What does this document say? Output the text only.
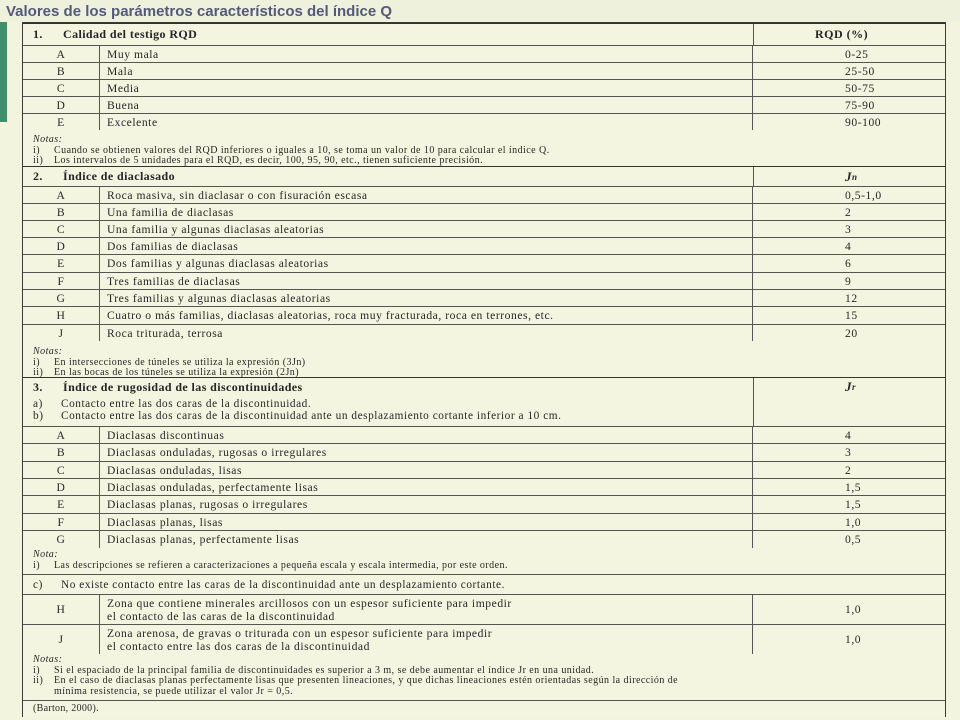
Valores de los parámetros característicos del índice Q
1.	Calidad del testigo RQD	RQD (%)
A	Muy mala	0-25
B	Mala	25-50
C	Media	50-75
D	Buena	75-90
E	Excelente	90-100
Notas:
i) Cuando se obtienen valores del RQD inferiores o iguales a 10, se toma un valor de 10 para calcular el índice Q.
ii) Los intervalos de 5 unidades para el RQD, es decir, 100, 95, 90, etc., tienen suficiente precisión.
2.	Índice de diaclasado	J n
A	Roca masiva, sin diaclasar o con fisuración escasa	0,5-1,0
B	Una familia de diaclasas	2
C	Una familia y algunas diaclasas aleatorias	3
D	Dos familias de diaclasas	4
E	Dos familias y algunas diaclasas aleatorias	6
F	Tres familias de diaclasas	9
G	Tres familias y algunas diaclasas aleatorias	12
H	Cuatro o más familias, diaclasas aleatorias, roca muy fracturada, roca en terrones, etc.	15
J	Roca triturada, terrosa	20
Notas:
i) En intersecciones de túneles se utiliza la expresión (3Jn)
ii) En las bocas de los túneles se utiliza la expresión (2Jn)
3.	Índice de rugosidad de las discontinuidades	J r
a) Contacto entre las dos caras de la discontinuidad.
b) Contacto entre las dos caras de la discontinuidad ante un desplazamiento cortante inferior a 10 cm.
A	Diaclasas discontinuas	4
B	Diaclasas onduladas, rugosas o irregulares	3
C	Diaclasas onduladas, lisas	2
D	Diaclasas onduladas, perfectamente lisas	1,5
E	Diaclasas planas, rugosas o irregulares	1,5
F	Diaclasas planas, lisas	1,0
G	Diaclasas planas, perfectamente lisas	0,5
Nota:
i) Las descripciones se refieren a caracterizaciones a pequeña escala y escala intermedia, por este orden.
c)	No existe contacto entre las caras de la discontinuidad ante un desplazamiento cortante.
H	Zona que contiene minerales arcillosos con un espesor suficiente para impedir
el contacto de las caras de la discontinuidad	1,0
J	Zona arenosa, de gravas o triturada con un espesor suficiente para impedir
el contacto entre las dos caras de la discontinuidad	1,0
Notas:
i) Si el espaciado de la principal familia de discontinuidades es superior a 3 m, se debe aumentar el índice Jr en una unidad.
ii) En el caso de diaclasas planas perfectamente lisas que presenten lineaciones, y que dichas lineaciones estén orientadas según la dirección de
mínima resistencia, se puede utilizar el valor Jr = 0,5.
(Barton, 2000).
